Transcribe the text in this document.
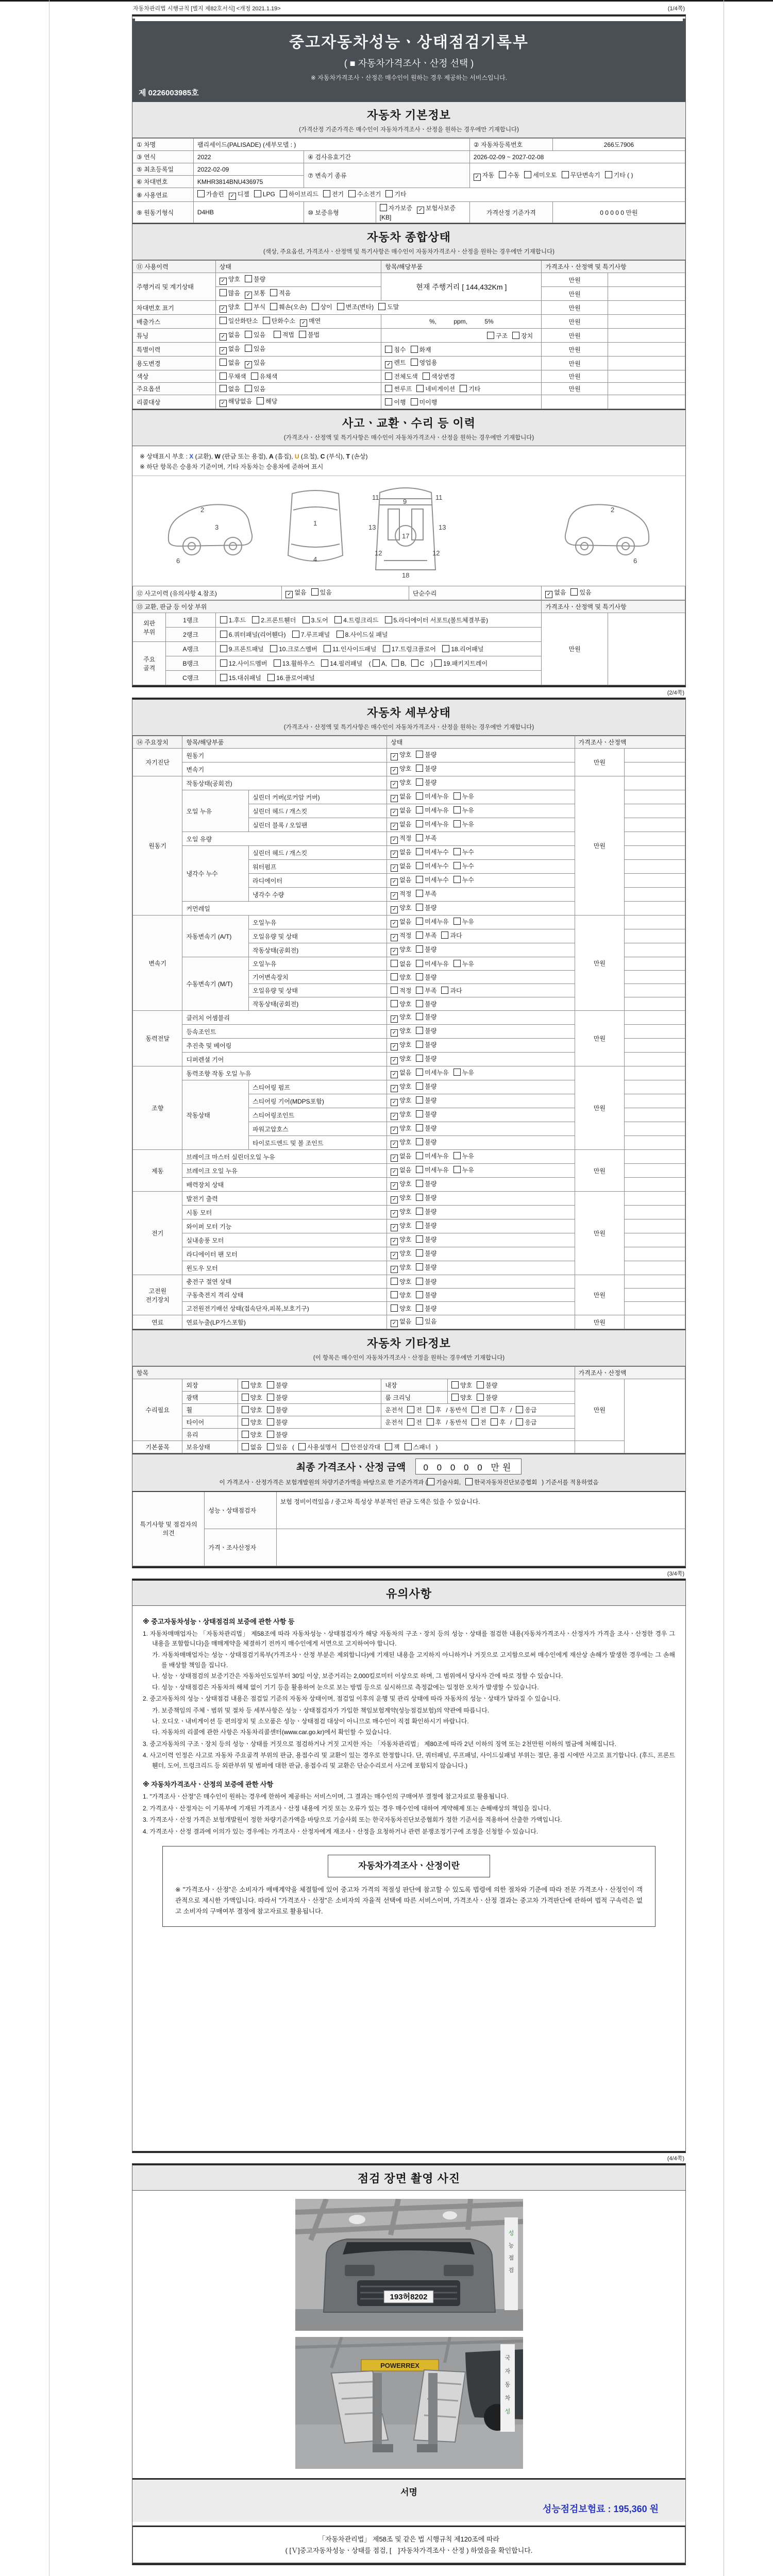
자동차관리법 시행규칙 [별지 제82호서식] <개정 2021.1.19>	(1/4쪽)
중고자동차성능ㆍ상태점검기록부
( ■ 자동차가격조사ㆍ산정 선택 )
※ 자동차가격조사ㆍ산정은 매수인이 원하는 경우 제공하는 서비스입니다.
제 0226003985호
자동차 기본정보
(가격산정 기준가격은 매수인이 자동차가격조사ㆍ산정을 원하는 경우에만 기재합니다)
① 차명	팰리세이드(PALISADE) (세부모델 : )			② 자동차등록번호	266도7906
③ 연식	2022	④ 검사유효기간		2026-02-09 ~ 2027-02-08	
⑤ 최초등록일	2022-02-09	⑦ 변속기 종류		✓ 자동 수동 세미오토 무단변속기 기타 ( )	
⑥ 차대번호	KMHR3814BNU436975				
⑧ 사용연료	가솔린 ✓ 디젤 LPG 하이브리드 전기 수소전기 기타				
⑨ 원동기형식	D4HB	⑩ 보증유형	자가보증 ✓ 보험사보증[KB]	가격산정 기준가격	0 0 0 0 0 만원
자동차 종합상태
(색상, 주요옵션, 가격조사ㆍ산정액 및 특기사항은 매수인이 자동차가격조사ㆍ산정을 원하는 경우에만 기재합니다)
⑪ 사용이력	상태	항목/해당부품	가격조사ㆍ산정액 및 특기사항	
주행거리 및 계기상태	✓ 양호 불량	현재 주행거리 [ 144,432Km ]	만원	
	많음 ✓ 보통 적음		만원	
차대번호 표기	✓ 양호 부식 훼손(오손) 상이 변조(변타) 도말		만원	
배출가스	일산화탄소 탄화수소 ✓ 매연	%,          ppm,          5%	만원	
튜닝	✓ 없음 있음 적법 불법	구조 장치	만원	
특별이력	✓ 없음 있음	침수 화재	만원	
용도변경	없음 ✓ 있음	✓ 렌트 영업용	만원	
색상	무채색 유채색	전체도색 색상변경	만원	
주요옵션	없음 있음	썬루프 네비게이션 기타	만원	
리콜대상	✓ 해당없음 해당	이행 미이행		
사고ㆍ교환ㆍ수리 등 이력
(가격조사ㆍ산정액 및 특기사항은 매수인이 자동차가격조사ㆍ산정을 원하는 경우에만 기재합니다)
※ 상태표시 부호 : X (교환), W (판금 또는 용접), A (흠집), U (요철), C (부식), T (손상)
※ 하단 항목은 승용차 기준이며, 기타 자동차는 승용차에 준하여 표시
2
3
6
1
4
11	11
9
13	13
12	12
17
18
2
6
⑫ 사고이력 (유의사항 4.참조)	✓ 없음 있음	단순수리	✓ 없음 있음
⑬ 교환, 판금 등 이상 부위			가격조사ㆍ산정액 및 특기사항	
외판 부위	1랭크	1.후드 2.프론트휀더 3.도어 4.트렁크리드 5.라디에이터 서포트(볼트체결부품)	만원	
	2랭크	6.쿼터패널(리어휀다) 7.루프패널 8.사이드실 패널		
주요 골격	A랭크	9.프론트패널 10.크로스멤버 11.인사이드패널 17.트렁크플로어 18.리어패널		
	B랭크	12.사이드멤버 13.휠하우스 14.필러패널 ( A, B, C ) 19.패키지트레이		
	C랭크	15.대쉬패널 16.플로어패널		
(2/4쪽)
자동차 세부상태
(가격조사ㆍ산정액 및 특기사항은 매수인이 자동차가격조사ㆍ산정을 원하는 경우에만 기재합니다)
⑭ 주요장치	항목/해당부품		상태	가격조사ㆍ산정액	
자기진단	원동기		✓ 양호 불량	만원	
	변속기		✓ 양호 불량		
원동기	작동상태(공회전)		✓ 양호 불량	만원	
	오일 누유	실린더 커버(로커암 커버)	✓ 없음 미세누유 누유		
		실린더 헤드 / 개스킷	✓ 없음 미세누유 누유		
		실린더 블록 / 오일팬	✓ 없음 미세누유 누유		
	오일 유량		✓ 적정 부족		
	냉각수 누수	실린더 헤드 / 개스킷	✓ 없음 미세누수 누수		
		워터펌프	✓ 없음 미세누수 누수		
		라디에이터	✓ 없음 미세누수 누수		
		냉각수 수량	✓ 적정 부족		
	커먼레일		✓ 양호 불량		
변속기	자동변속기 (A/T)	오일누유	✓ 없음 미세누유 누유	만원	
		오일유량 및 상태	✓ 적정 부족 과다		
		작동상태(공회전)	✓ 양호 불량		
	수동변속기 (M/T)	오일누유	없음 미세누유 누유		
		기어변속장치	양호 불량		
		오일유량 및 상태	적정 부족 과다		
		작동상태(공회전)	양호 불량		
동력전달	클러치 어셈블리		✓ 양호 불량	만원	
	등속조인트		✓ 양호 불량		
	추진축 및 베어링		✓ 양호 불량		
	디퍼렌셜 기어		✓ 양호 불량		
조향	동력조향 작동 오일 누유		✓ 없음 미세누유 누유	만원	
	작동상태	스티어링 펌프	✓ 양호 불량		
		스티어링 기어(MDPS포함)	✓ 양호 불량		
		스티어링조인트	✓ 양호 불량		
		파워고압호스	✓ 양호 불량		
		타이로드엔드 및 볼 조인트	✓ 양호 불량		
제동	브레이크 마스터 실린더오일 누유		✓ 없음 미세누유 누유	만원	
	브레이크 오일 누유		✓ 없음 미세누유 누유		
	배력장치 상태		✓ 양호 불량		
전기	발전기 출력		✓ 양호 불량	만원	
	시동 모터		✓ 양호 불량		
	와이퍼 모터 기능		✓ 양호 불량		
	실내송풍 모터		✓ 양호 불량		
	라디에이터 팬 모터		✓ 양호 불량		
	윈도우 모터		✓ 양호 불량		
고전원 전기장치	충전구 절연 상태		양호 불량	만원	
	구동축전지 격리 상태		양호 불량		
	고전원전기배선 상태(접속단자,피복,보호기구)		양호 불량		
연료	연료누출(LP가스포함)		✓ 없음 있음	만원	
자동차 기타정보
(이 항목은 매수인이 자동차가격조사ㆍ산정을 원하는 경우에만 기재합니다)
항목					가격조사ㆍ산정액	
수리필요	외장	양호 불량	내장	양호 불량	만원	
	광택	양호 불량	룸 크리닝	양호 불량		
	휠	양호 불량	운전석 전 후 / 동반석 전 후 / 응급			
	타이어	양호 불량	운전석 전 후 / 동반석 전 후 / 응급			
	유리	양호 불량				
기본품목	보유상태	없음 있음 ( 사용설명서 안전삼각대 잭 스패너 )				
최종 가격조사ㆍ산정 금액 0 0 0 0 0 만원
이 가격조사ㆍ산정가격은 보험개발원의 차량기준가액을 바탕으로 한 기준가격과 ( 기술사회, 한국자동차진단보증협회 ) 기준서를 적용하였음
특기사항 및 점검자의 의견	성능ㆍ상태점검자	보험 정비이력있음 / 중고차 특성상 부분적인 판금 도색은 있을 수 있습니다.
	가격ㆍ조사산정자	
(3/4쪽)
유의사항
※ 중고자동차성능ㆍ상태점검의 보증에 관한 사항 등
1. 자동차매매업자는 「자동차관리법」 제58조에 따라 자동차성능ㆍ상태점검자가 해당 자동차의 구조ㆍ장치 등의 성능ㆍ상태를 점검한 내용(자동차가격조사ㆍ산정자가 가격을 조사ㆍ산정한 경우 그 내용을 포함합니다)을 매매계약을 체결하기 전까지 매수인에게 서면으로 고지하여야 합니다.
가. 자동차매매업자는 성능ㆍ상태점검기록부(가격조사ㆍ산정 부분은 제외합니다)에 기재된 내용을 고지하지 아니하거나 거짓으로 고지함으로써 매수인에게 재산상 손해가 발생한 경우에는 그 손해를 배상할 책임을 집니다.
나. 성능ㆍ상태점검의 보증기간은 자동차인도일부터 30일 이상, 보증거리는 2,000킬로미터 이상으로 하며, 그 범위에서 당사자 간에 따로 정할 수 있습니다.
다. 성능ㆍ상태점검은 자동차의 해체 없이 기기 등을 활용하여 눈으로 보는 방법 등으로 실시하므로 측정값에는 일정한 오차가 발생할 수 있습니다.
2. 중고자동차의 성능ㆍ상태점검 내용은 점검일 기준의 자동차 상태이며, 점검일 이후의 운행 및 관리 상태에 따라 자동차의 성능ㆍ상태가 달라질 수 있습니다.
가. 보증책임의 주체ㆍ범위 및 절차 등 세부사항은 성능ㆍ상태점검자가 가입한 책임보험계약(성능점검보험)의 약관에 따릅니다.
나. 오디오ㆍ내비게이션 등 편의장치 및 소모품은 성능ㆍ상태점검 대상이 아니므로 매수인이 직접 확인하시기 바랍니다.
다. 자동차의 리콜에 관한 사항은 자동차리콜센터(www.car.go.kr)에서 확인할 수 있습니다.
3. 중고자동차의 구조ㆍ장치 등의 성능ㆍ상태를 거짓으로 점검하거나 거짓 고지한 자는 「자동차관리법」 제80조에 따라 2년 이하의 징역 또는 2천만원 이하의 벌금에 처해집니다.
4. 사고이력 인정은 사고로 자동차 주요골격 부위의 판금, 용접수리 및 교환이 있는 경우로 한정합니다. 단, 쿼터패널, 루프패널, 사이드실패널 부위는 절단, 용접 시에만 사고로 표기합니다. (후드, 프론트휀더, 도어, 트렁크리드 등 외판부위 및 범퍼에 대한 판금, 용접수리 및 교환은 단순수리로서 사고에 포함되지 않습니다.)
※ 자동차가격조사ㆍ산정의 보증에 관한 사항
1. "가격조사ㆍ산정"은 매수인이 원하는 경우에 한하여 제공하는 서비스이며, 그 결과는 매수인의 구매여부 결정에 참고자료로 활용됩니다.
2. 가격조사ㆍ산정자는 이 기록부에 기재된 가격조사ㆍ산정 내용에 거짓 또는 오류가 있는 경우 매수인에 대하여 계약해제 또는 손해배상의 책임을 집니다.
3. 가격조사ㆍ산정 가격은 보험개발원이 정한 차량기준가액을 바탕으로 기술사회 또는 한국자동차진단보증협회가 정한 기준서를 적용하여 산출한 가액입니다.
4. 가격조사ㆍ산정 결과에 이의가 있는 경우에는 가격조사ㆍ산정자에게 재조사ㆍ산정을 요청하거나 관련 분쟁조정기구에 조정을 신청할 수 있습니다.
자동차가격조사ㆍ산정이란
※ "가격조사ㆍ산정"은 소비자가 매매계약을 체결함에 있어 중고차 가격의 적절성 판단에 참고할 수 있도록 법령에 의한 절차와 기준에 따라 전문 가격조사ㆍ산정인이 객관적으로 제시한 가액입니다. 따라서 "가격조사ㆍ산정"은 소비자의 자율적 선택에 따른 서비스이며, 가격조사ㆍ산정 결과는 중고차 가격판단에 관하여 법적 구속력은 없고 소비자의 구매여부 결정에 참고자료로 활용됩니다.
(4/4쪽)
점검 장면 촬영 사진
193허8202
성
능
점
검
POWERREX
국
자
동
차
성
서명
성능점검보험료 : 195,360 원
「자동차관리법」 제58조 및 같은 법 시행규칙 제120조에 따라
( [Ｖ]중고자동차성능ㆍ상태를 점검, [　]자동차가격조사ㆍ산정 ) 하였음을 확인합니다.
